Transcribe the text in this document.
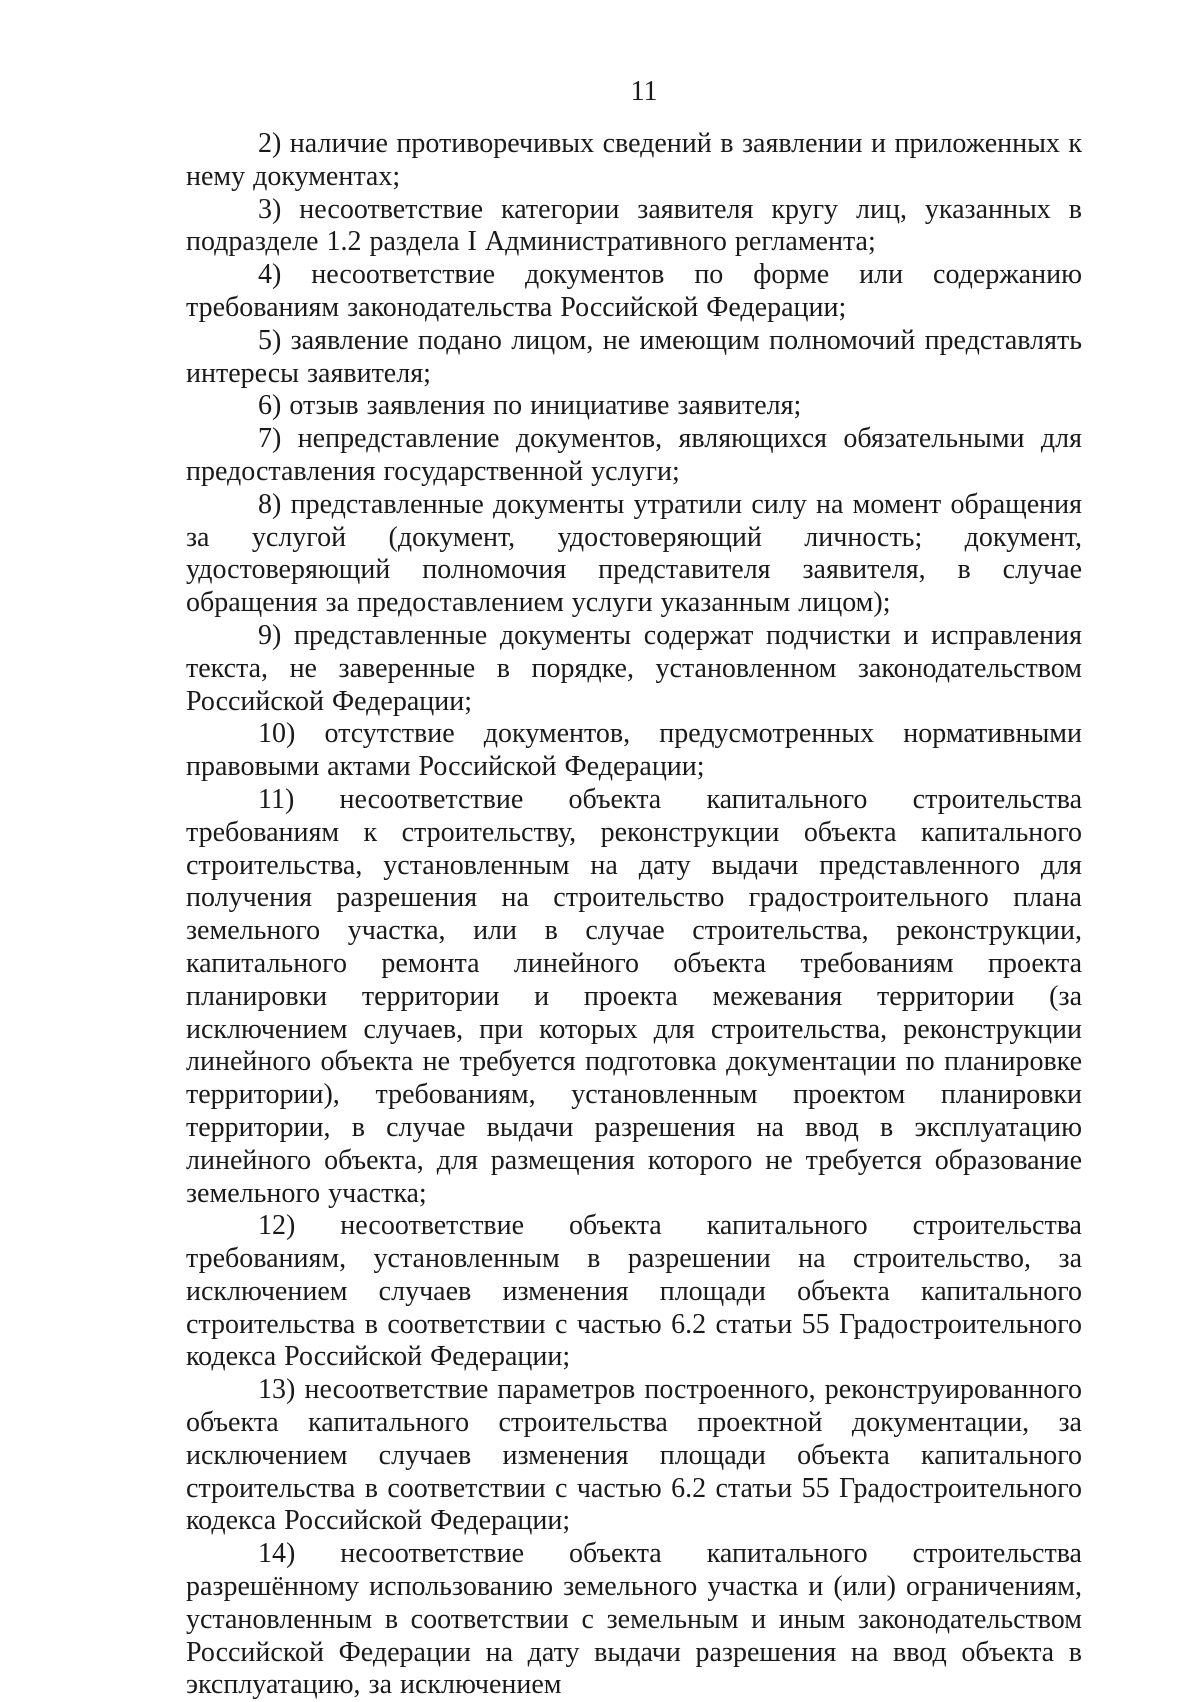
11

2) наличие противоречивых сведений в заявлении и приложенных к нему документах;

3) несоответствие категории заявителя кругу лиц, указанных в подразделе 1.2 раздела I Административного регламента;

4) несоответствие документов по форме или содержанию требованиям законодательства Российской Федерации;

5) заявление подано лицом, не имеющим полномочий представлять интересы заявителя;

6) отзыв заявления по инициативе заявителя;

7) непредставление документов, являющихся обязательными для предоставления государственной услуги;

8) представленные документы утратили силу на момент обращения за услугой (документ, удостоверяющий личность; документ, удостоверяющий полномочия представителя заявителя, в случае обращения за предоставлением услуги указанным лицом);

9) представленные документы содержат подчистки и исправления текста, не заверенные в порядке, установленном законодательством Российской Федерации;

10) отсутствие документов, предусмотренных нормативными правовыми актами Российской Федерации;

11) несоответствие объекта капитального строительства требованиям к строительству, реконструкции объекта капитального строительства, установленным на дату выдачи представленного для получения разрешения на строительство градостроительного плана земельного участка, или в случае строительства, реконструкции, капитального ремонта линейного объекта требованиям проекта планировки территории и проекта межевания территории (за исключением случаев, при которых для строительства, реконструкции линейного объекта не требуется подготовка документации по планировке территории), требованиям, установленным проектом планировки территории, в случае выдачи разрешения на ввод в эксплуатацию линейного объекта, для размещения которого не требуется образование земельного участка;

12) несоответствие объекта капитального строительства требованиям, установленным в разрешении на строительство, за исключением случаев изменения площади объекта капитального строительства в соответствии с частью 6.2 статьи 55 Градостроительного кодекса Российской Федерации;

13) несоответствие параметров построенного, реконструированного объекта капитального строительства проектной документации, за исключением случаев изменения площади объекта капитального строительства в соответствии с частью 6.2 статьи 55 Градостроительного кодекса Российской Федерации;

14) несоответствие объекта капитального строительства разрешённому использованию земельного участка и (или) ограничениям, установленным в соответствии с земельным и иным законодательством Российской Федерации на дату выдачи разрешения на ввод объекта в эксплуатацию, за исключением
